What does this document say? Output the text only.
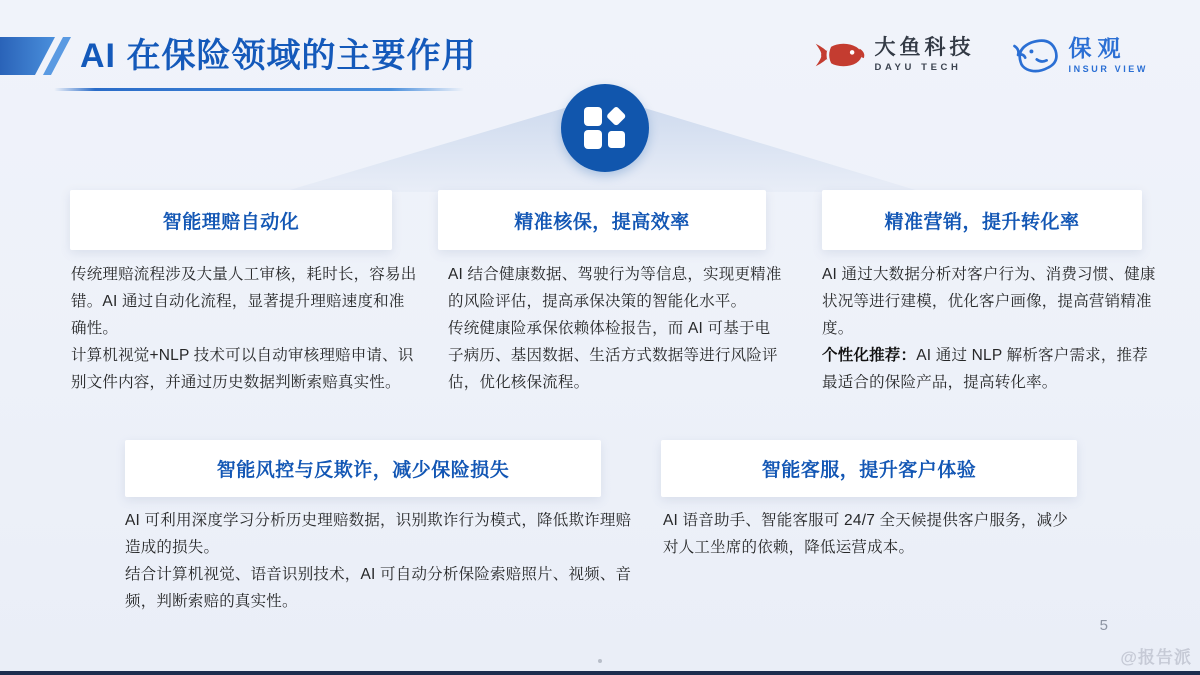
AI 在保险领域的主要作用	大鱼科技
DAYU TECH
保观
INSUR VIEW
智能理赔自动化

传统理赔流程涉及大量人工审核，耗时长，容易出错。AI 通过自动化流程，显著提升理赔速度和准确性。

计算机视觉+NLP 技术可以自动审核理赔申请、识别文件内容，并通过历史数据判断索赔真实性。

精准核保，提高效率

AI 结合健康数据、驾驶行为等信息，实现更精准的风险评估，提高承保决策的智能化水平。

传统健康险承保依赖体检报告，而 AI 可基于电子病历、基因数据、生活方式数据等进行风险评估，优化核保流程。

精准营销，提升转化率

AI 通过大数据分析对客户行为、消费习惯、健康状况等进行建模，优化客户画像，提高营销精准度。

个性化推荐：AI 通过 NLP 解析客户需求，推荐最适合的保险产品，提高转化率。

智能风控与反欺诈，减少保险损失

AI 可利用深度学习分析历史理赔数据，识别欺诈行为模式，降低欺诈理赔造成的损失。

结合计算机视觉、语音识别技术，AI 可自动分析保险索赔照片、视频、音频，判断索赔的真实性。

智能客服，提升客户体验

AI 语音助手、智能客服可 24/7 全天候提供客户服务，减少对人工坐席的依赖，降低运营成本。

5
@报告派
